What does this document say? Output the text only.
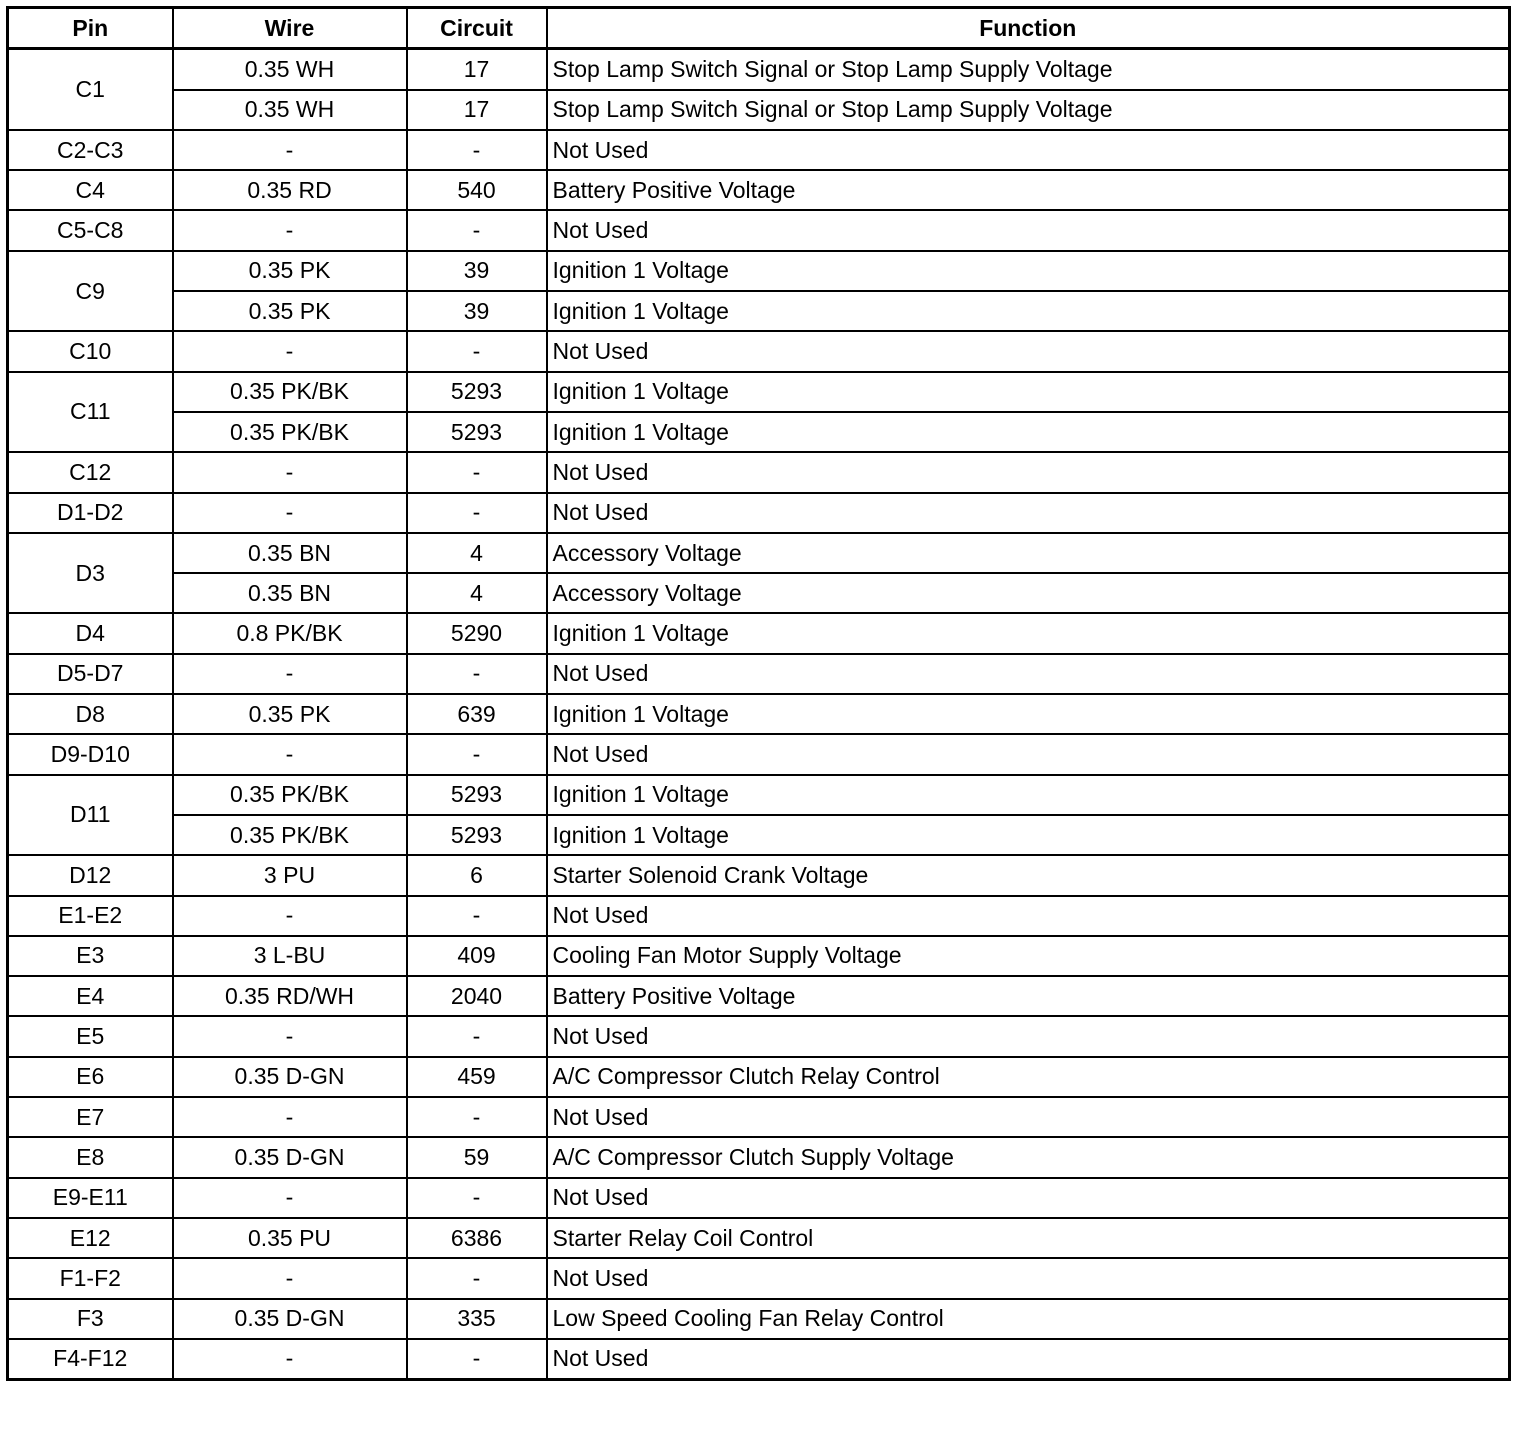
Pin	Wire	Circuit	Function
C1	0.35 WH	17	Stop Lamp Switch Signal or Stop Lamp Supply Voltage
	0.35 WH	17	Stop Lamp Switch Signal or Stop Lamp Supply Voltage
C2-C3	-	-	Not Used
C4	0.35 RD	540	Battery Positive Voltage
C5-C8	-	-	Not Used
C9	0.35 PK	39	Ignition 1 Voltage
	0.35 PK	39	Ignition 1 Voltage
C10	-	-	Not Used
C11	0.35 PK/BK	5293	Ignition 1 Voltage
	0.35 PK/BK	5293	Ignition 1 Voltage
C12	-	-	Not Used
D1-D2	-	-	Not Used
D3	0.35 BN	4	Accessory Voltage
	0.35 BN	4	Accessory Voltage
D4	0.8 PK/BK	5290	Ignition 1 Voltage
D5-D7	-	-	Not Used
D8	0.35 PK	639	Ignition 1 Voltage
D9-D10	-	-	Not Used
D11	0.35 PK/BK	5293	Ignition 1 Voltage
	0.35 PK/BK	5293	Ignition 1 Voltage
D12	3 PU	6	Starter Solenoid Crank Voltage
E1-E2	-	-	Not Used
E3	3 L-BU	409	Cooling Fan Motor Supply Voltage
E4	0.35 RD/WH	2040	Battery Positive Voltage
E5	-	-	Not Used
E6	0.35 D-GN	459	A/C Compressor Clutch Relay Control
E7	-	-	Not Used
E8	0.35 D-GN	59	A/C Compressor Clutch Supply Voltage
E9-E11	-	-	Not Used
E12	0.35 PU	6386	Starter Relay Coil Control
F1-F2	-	-	Not Used
F3	0.35 D-GN	335	Low Speed Cooling Fan Relay Control
F4-F12	-	-	Not Used
